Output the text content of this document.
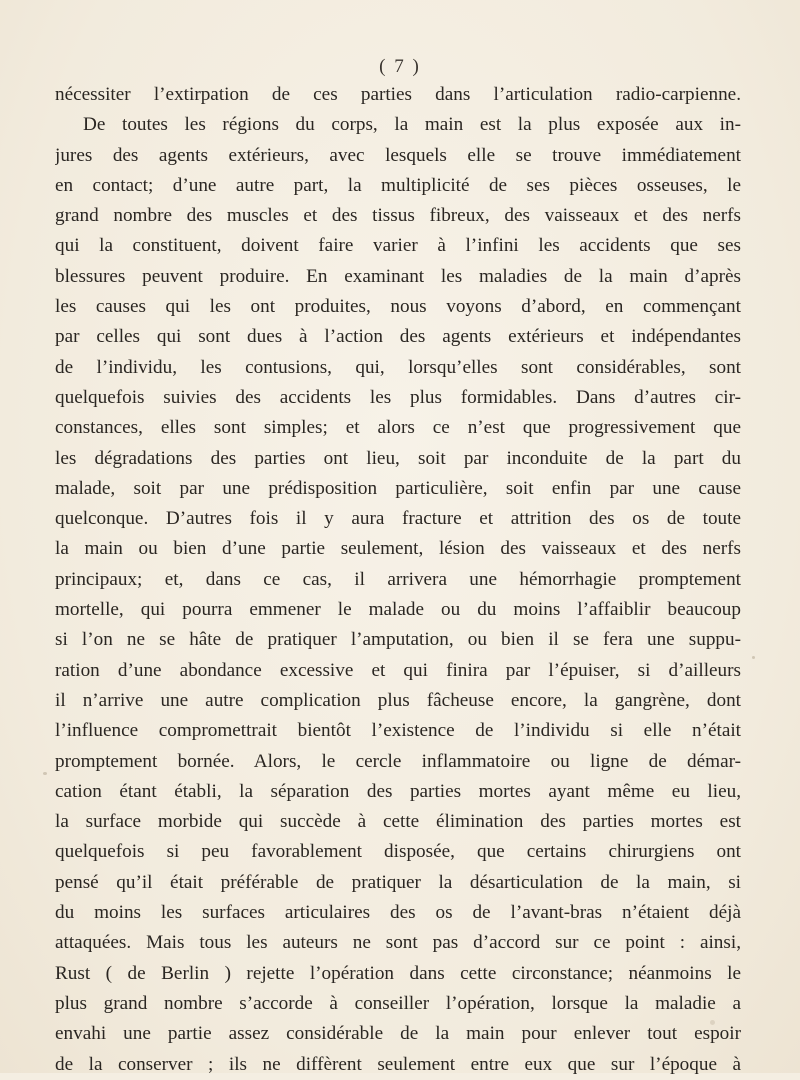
( 7 )
nécessiter l’extirpation de ces parties dans l’articulation radio-carpienne.
De toutes les régions du corps, la main est la plus exposée aux in-
jures des agents extérieurs, avec lesquels elle se trouve immédiatement
en contact; d’une autre part, la multiplicité de ses pièces osseuses, le
grand nombre des muscles et des tissus fibreux, des vaisseaux et des nerfs
qui la constituent, doivent faire varier à l’infini les accidents que ses
blessures peuvent produire. En examinant les maladies de la main d’après
les causes qui les ont produites, nous voyons d’abord, en commençant
par celles qui sont dues à l’action des agents extérieurs et indépendantes
de l’individu, les contusions, qui, lorsqu’elles sont considérables, sont
quelquefois suivies des accidents les plus formidables. Dans d’autres cir-
constances, elles sont simples; et alors ce n’est que progressivement que
les dégradations des parties ont lieu, soit par inconduite de la part du
malade, soit par une prédisposition particulière, soit enfin par une cause
quelconque. D’autres fois il y aura fracture et attrition des os de toute
la main ou bien d’une partie seulement, lésion des vaisseaux et des nerfs
principaux; et, dans ce cas, il arrivera une hémorrhagie promptement
mortelle, qui pourra emmener le malade ou du moins l’affaiblir beaucoup
si l’on ne se hâte de pratiquer l’amputation, ou bien il se fera une suppu-
ration d’une abondance excessive et qui finira par l’épuiser, si d’ailleurs
il n’arrive une autre complication plus fâcheuse encore, la gangrène, dont
l’influence compromettrait bientôt l’existence de l’individu si elle n’était
promptement bornée. Alors, le cercle inflammatoire ou ligne de démar-
cation étant établi, la séparation des parties mortes ayant même eu lieu,
la surface morbide qui succède à cette élimination des parties mortes est
quelquefois si peu favorablement disposée, que certains chirurgiens ont
pensé qu’il était préférable de pratiquer la désarticulation de la main, si
du moins les surfaces articulaires des os de l’avant-bras n’étaient déjà
attaquées. Mais tous les auteurs ne sont pas d’accord sur ce point : ainsi,
Rust ( de Berlin ) rejette l’opération dans cette circonstance; néanmoins le
plus grand nombre s’accorde à conseiller l’opération, lorsque la maladie a
envahi une partie assez considérable de la main pour enlever tout espoir
de la conserver ; ils ne diffèrent seulement entre eux que sur l’époque à
